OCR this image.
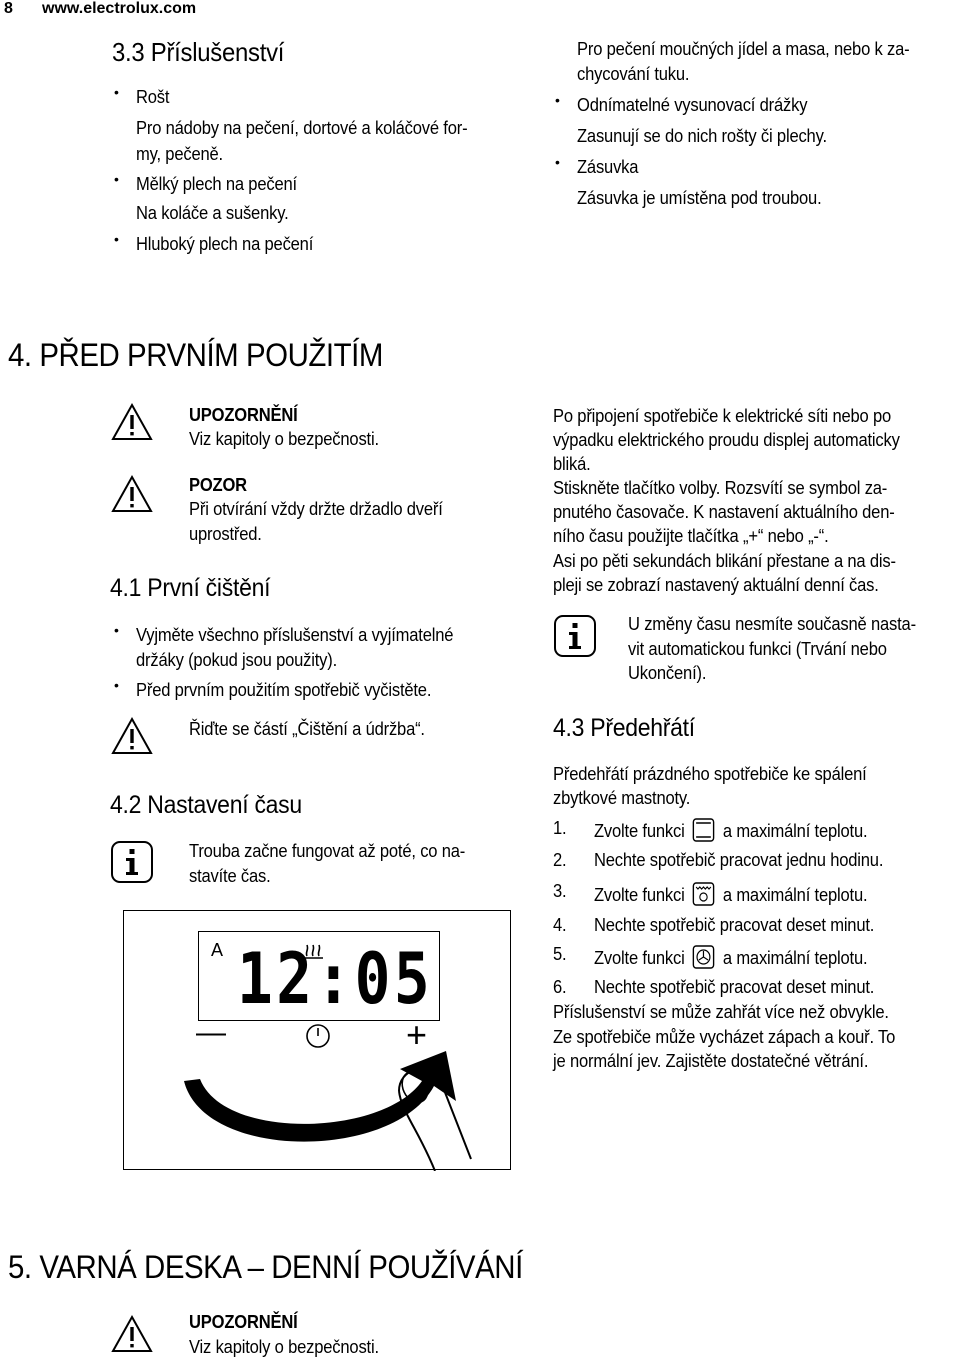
8 www.electrolux.com
3.3 Příslušenství
• Rošt
Pro nádoby na pečení, dortové a koláčové for-
my, pečeně.
• Mělký plech na pečení
Na koláče a sušenky.
• Hluboký plech na pečení
Pro pečení moučných jídel a masa, nebo k za-
chycování tuku.
• Odnímatelné vysunovací drážky
Zasunují se do nich rošty či plechy.
• Zásuvka
Zásuvka je umístěna pod troubou.
4. PŘED PRVNÍM POUŽITÍM
UPOZORNĚNÍ
Viz kapitoly o bezpečnosti.
POZOR
Při otvírání vždy držte držadlo dveří
uprostřed.
4.1 První čištění
• Vyjměte všechno příslušenství a vyjímatelné
držáky (pokud jsou použity).
• Před prvním použitím spotřebič vyčistěte.
Řiďte se částí „Čištění a údržba“.
4.2 Nastavení času
Trouba začne fungovat až poté, co na-
stavíte čas.
A 12:05
—	+
Po připojení spotřebiče k elektrické síti nebo po
výpadku elektrického proudu displej automaticky
bliká.
Stiskněte tlačítko volby. Rozsvítí se symbol za-
pnutého časovače. K nastavení aktuálního den-
ního času použijte tlačítka „+“ nebo „-“.
Asi po pěti sekundách blikání přestane a na dis-
pleji se zobrazí nastavený aktuální denní čas.
U změny času nesmíte současně nasta-
vit automatickou funkci (Trvání nebo
Ukončení).
4.3 Předehřátí
Předehřátí prázdného spotřebiče ke spálení
zbytkové mastnoty.
1. Zvolte funkci a maximální teplotu.
2. Nechte spotřebič pracovat jednu hodinu.
3. Zvolte funkci a maximální teplotu.
4. Nechte spotřebič pracovat deset minut.
5. Zvolte funkci a maximální teplotu.
6. Nechte spotřebič pracovat deset minut.
Příslušenství se může zahřát více než obvykle.
Ze spotřebiče může vycházet zápach a kouř. To
je normální jev. Zajistěte dostatečné větrání.
5. VARNÁ DESKA – DENNÍ POUŽÍVÁNÍ
UPOZORNĚNÍ
Viz kapitoly o bezpečnosti.
